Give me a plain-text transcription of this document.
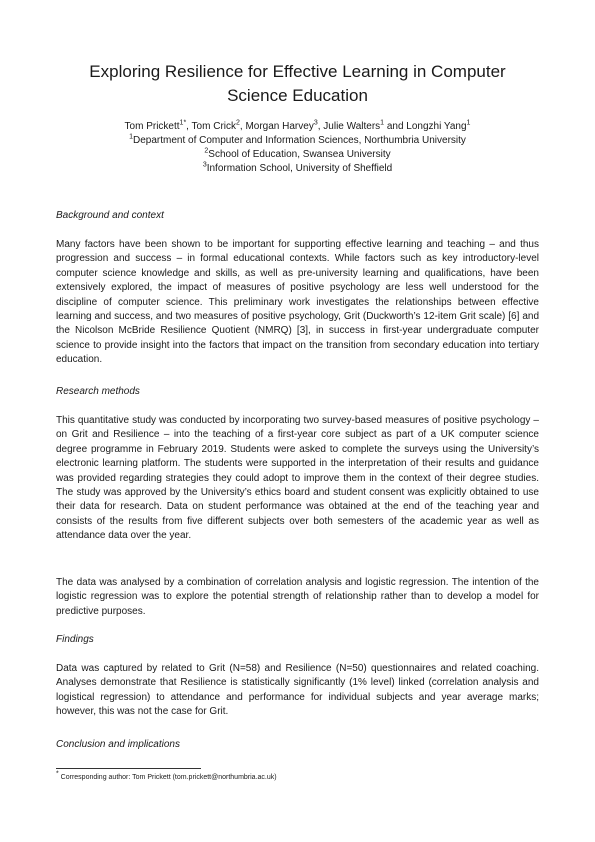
Exploring Resilience for Effective Learning in Computer Science Education
Tom Prickett$^{1*}$, Tom Crick$^2$, Morgan Harvey$^3$, Julie Walters$^1$ and Longzhi Yang$^1$
$^1$Department of Computer and Information Sciences, Northumbria University
$^2$School of Education, Swansea University
$^3$Information School, University of Sheffield
Background and context
Many factors have been shown to be important for supporting effective learning and teaching – and thus progression and success – in formal educational contexts. While factors such as key introductory-level computer science knowledge and skills, as well as pre-university learning and qualifications, have been extensively explored, the impact of measures of positive psychology are less well understood for the discipline of computer science. This preliminary work investigates the relationships between effective learning and success, and two measures of positive psychology, Grit (Duckworth’s 12-item Grit scale) [6] and the Nicolson McBride Resilience Quotient (NMRQ) [3], in success in first-year undergraduate computer science to provide insight into the factors that impact on the transition from secondary education into tertiary education.
Research methods
This quantitative study was conducted by incorporating two survey-based measures of positive psychology – on Grit and Resilience – into the teaching of a first-year core subject as part of a UK computer science degree programme in February 2019. Students were asked to complete the surveys using the University’s electronic learning platform. The students were supported in the interpretation of their results and guidance was provided regarding strategies they could adopt to improve them in the context of their degree studies. The study was approved by the University’s ethics board and student consent was explicitly obtained to use their data for research. Data on student performance was obtained at the end of the teaching year and consists of the results from five different subjects over both semesters of the academic year as well as attendance data over the year.
The data was analysed by a combination of correlation analysis and logistic regression. The intention of the logistic regression was to explore the potential strength of relationship rather than to develop a model for predictive purposes.
Findings
Data was captured by related to Grit (N=58) and Resilience (N=50) questionnaires and related coaching. Analyses demonstrate that Resilience is statistically significantly (1% level) linked (correlation analysis and logistical regression) to attendance and performance for individual subjects and year average marks; however, this was not the case for Grit.
Conclusion and implications
* Corresponding author: Tom Prickett (tom.prickett@northumbria.ac.uk)
